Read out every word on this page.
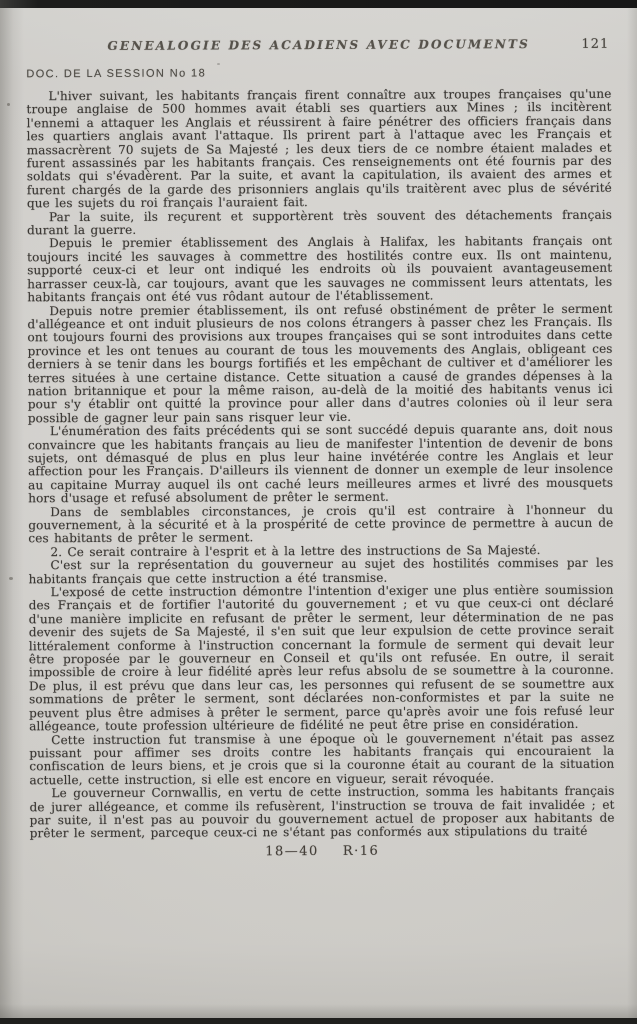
GENEALOGIE DES ACADIENS AVEC DOCUMENTS	121
DOC. DE LA SESSION No 18

L'hiver suivant, les habitants français firent connaître aux troupes françaises qu'une troupe anglaise de 500 hommes avait établi ses quartiers aux Mines ; ils incitèrent l'ennemi a attaquer les Anglais et réussirent à faire pénétrer des officiers français dans les quartiers anglais avant l'attaque. Ils prirent part à l'attaque avec les Français et massacrèrent 70 sujets de Sa Majesté ; les deux tiers de ce nombre étaient malades et furent assassinés par les habitants français. Ces renseignements ont été fournis par des soldats qui s'évadèrent. Par la suite, et avant la capitulation, ils avaient des armes et furent chargés de la garde des prisonniers anglais qu'ils traitèrent avec plus de sévérité que les sujets du roi français l'auraient fait.

Par la suite, ils reçurent et supportèrent très souvent des détachements français durant la guerre.

Depuis le premier établissement des Anglais à Halifax, les habitants français ont toujours incité les sauvages à commettre des hostilités contre eux. Ils ont maintenu, supporté ceux-ci et leur ont indiqué les endroits où ils pouvaient avantageusement harrasser ceux-là, car toujours, avant que les sauvages ne commissent leurs attentats, les habitants français ont été vus rôdant autour de l'établissement.

Depuis notre premier établissement, ils ont refusé obstinément de prêter le serment d'allégeance et ont induit plusieurs de nos colons étrangers à passer chez les Français. Ils ont toujours fourni des provisions aux troupes françaises qui se sont introduites dans cette province et les ont tenues au courant de tous les mouvements des Anglais, obligeant ces derniers à se tenir dans les bourgs fortifiés et les empêchant de cultiver et d'améliorer les terres situées à une certaine distance. Cette situation a causé de grandes dépenses à la nation britannique et pour la même raison, au-delà de la moitié des habitants venus ici pour s'y établir ont quitté la province pour aller dans d'autres colonies où il leur sera possible de gagner leur pain sans risquer leur vie.

L'énumération des faits précédents qui se sont succédé depuis quarante ans, doit nous convaincre que les habitants français au lieu de manifester l'intention de devenir de bons sujets, ont démasqué de plus en plus leur haine invétérée contre les Anglais et leur affection pour les Français. D'ailleurs ils viennent de donner un exemple de leur insolence au capitaine Murray auquel ils ont caché leurs meilleures armes et livré des mousquets hors d'usage et refusé absolument de prêter le serment.

Dans de semblables circonstances, je crois qu'il est contraire à l'honneur du gouvernement, à la sécurité et à la prospérité de cette province de permettre à aucun de ces habitants de prêter le serment.

2. Ce serait contraire à l'esprit et à la lettre des instructions de Sa Majesté.

C'est sur la représentation du gouverneur au sujet des hostilités commises par les habitants français que cette instruction a été transmise.

L'exposé de cette instruction démontre l'intention d'exiger une plus entière soumission des Français et de fortifier l'autorité du gouvernement ; et vu que ceux-ci ont déclaré d'une manière implicite en refusant de prêter le serment, leur détermination de ne pas devenir des sujets de Sa Majesté, il s'en suit que leur expulsion de cette province serait littéralement conforme à l'instruction concernant la formule de serment qui devait leur être proposée par le gouverneur en Conseil et qu'ils ont refusée. En outre, il serait impossible de croire à leur fidélité après leur refus absolu de se soumettre à la couronne. De plus, il est prévu que dans leur cas, les personnes qui refusent de se soumettre aux sommations de prêter le serment, sont déclarées non-conformistes et par la suite ne peuvent plus être admises à prêter le serment, parce qu'après avoir une fois refusé leur allégeance, toute profession ultérieure de fidélité ne peut être prise en considération.

Cette instruction fut transmise à une époque où le gouvernement n'était pas assez puissant pour affimer ses droits contre les habitants français qui encouraient la confiscation de leurs biens, et je crois que si la couronne était au courant de la situation actuelle, cette instruction, si elle est encore en vigueur, serait révoquée.

Le gouverneur Cornwallis, en vertu de cette instruction, somma les habitants français de jurer allégeance, et comme ils refusèrent, l'instruction se trouva de fait invalidée ; et par suite, il n'est pas au pouvoir du gouvernement actuel de proposer aux habitants de prêter le serment, parceque ceux-ci ne s'étant pas conformés aux stipulations du traité

18—40 R·16
